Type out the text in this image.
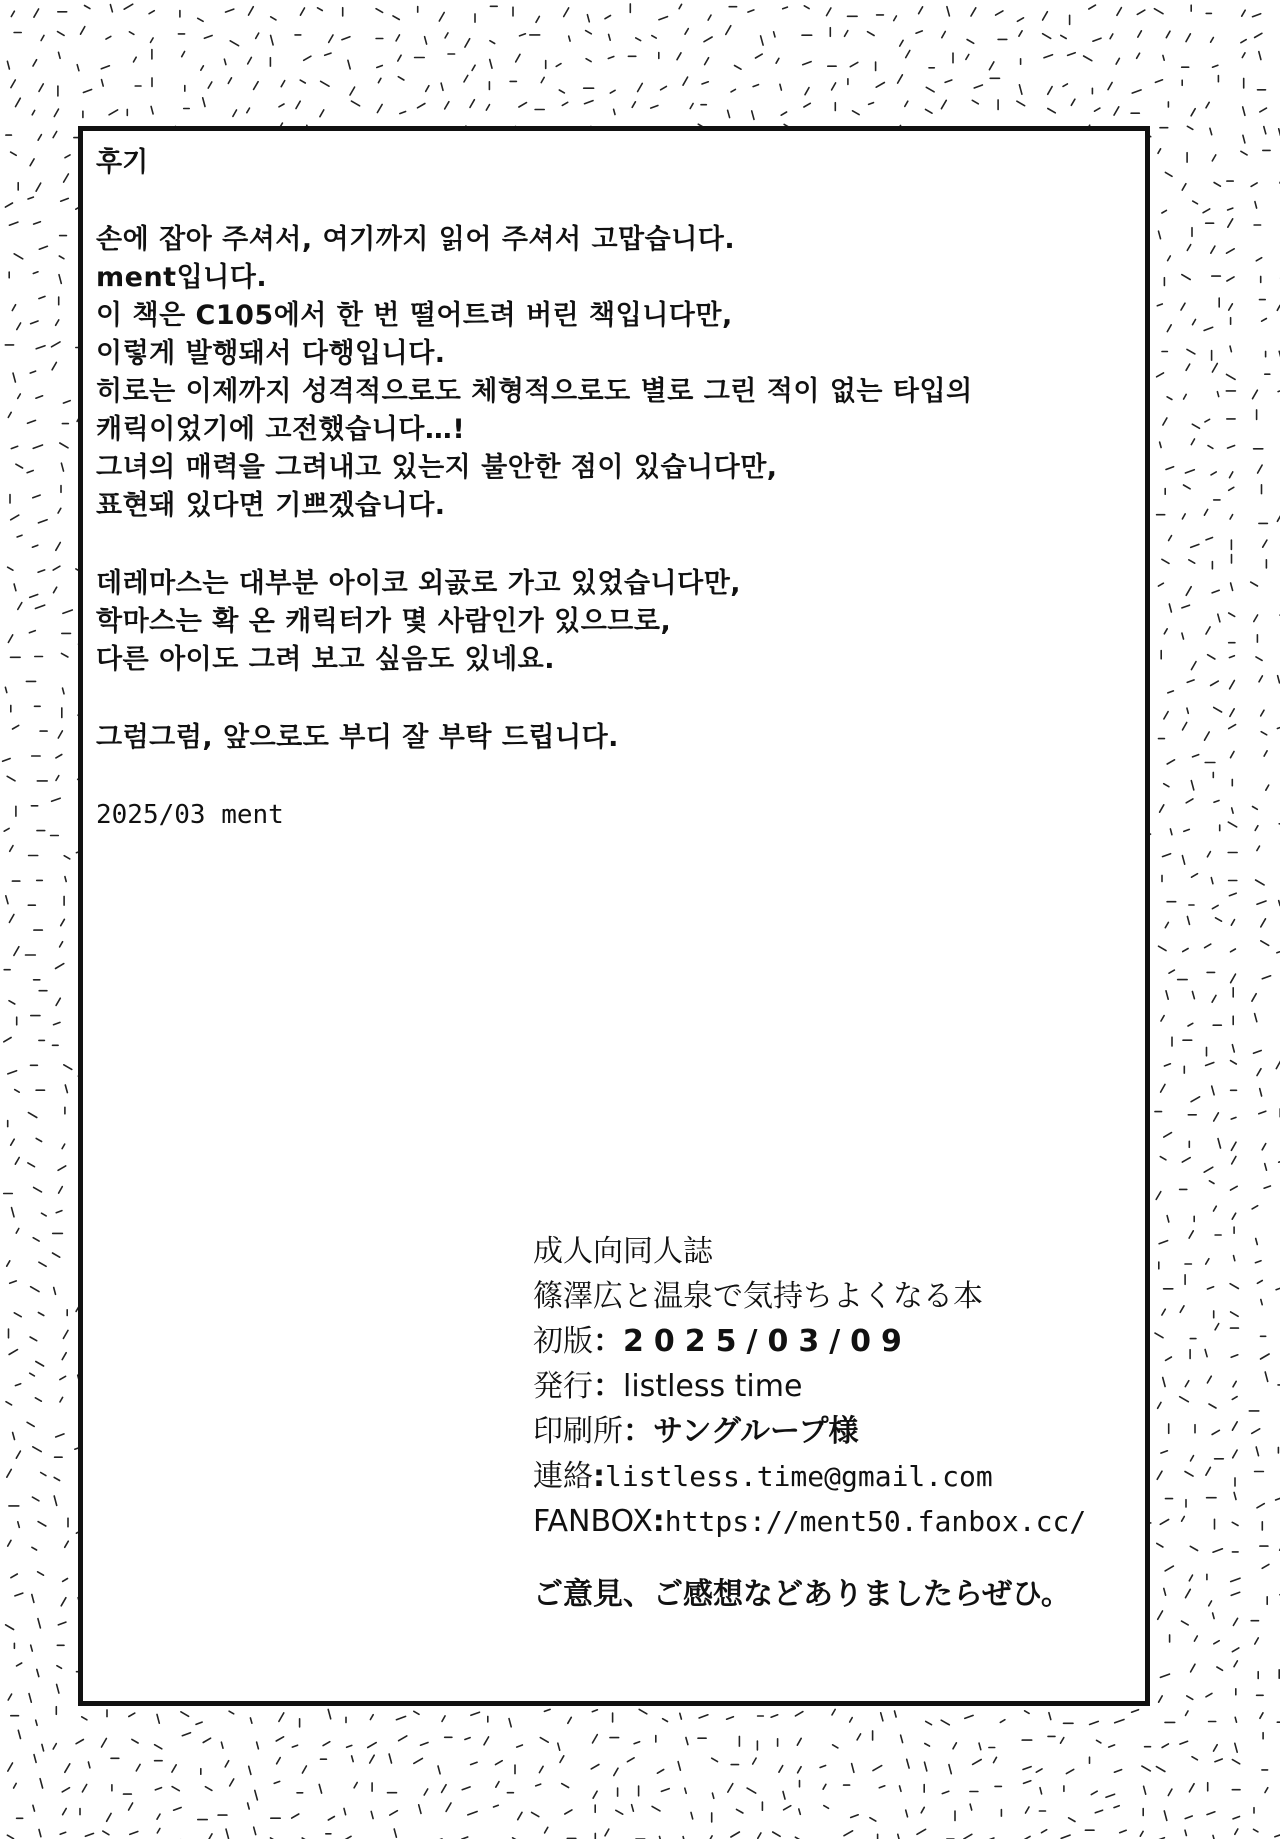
후기
손에 잡아 주셔서, 여기까지 읽어 주셔서 고맙습니다.
ment입니다.
이 책은 C105에서 한 번 떨어트려 버린 책입니다만,
이렇게 발행돼서 다행입니다.
히로는 이제까지 성격적으로도 체형적으로도 별로 그린 적이 없는 타입의
캐릭이었기에 고전했습니다…!
그녀의 매력을 그려내고 있는지 불안한 점이 있습니다만,
표현돼 있다면 기쁘겠습니다.
데레마스는 대부분 아이코 외곬로 가고 있었습니다만,
학마스는 확 온 캐릭터가 몇 사람인가 있으므로,
다른 아이도 그려 보고 싶음도 있네요.
그럼그럼, 앞으로도 부디 잘 부탁 드립니다.
2025/03 ment
成人向同人誌
篠澤広と温泉で気持ちよくなる本
初版：2025/03/09
発行：listless time
印刷所：サングループ様
連絡:listless.time@gmail.com
FANBOX:https://ment50.fanbox.cc/
ご意見、ご感想などありましたらぜひ。
